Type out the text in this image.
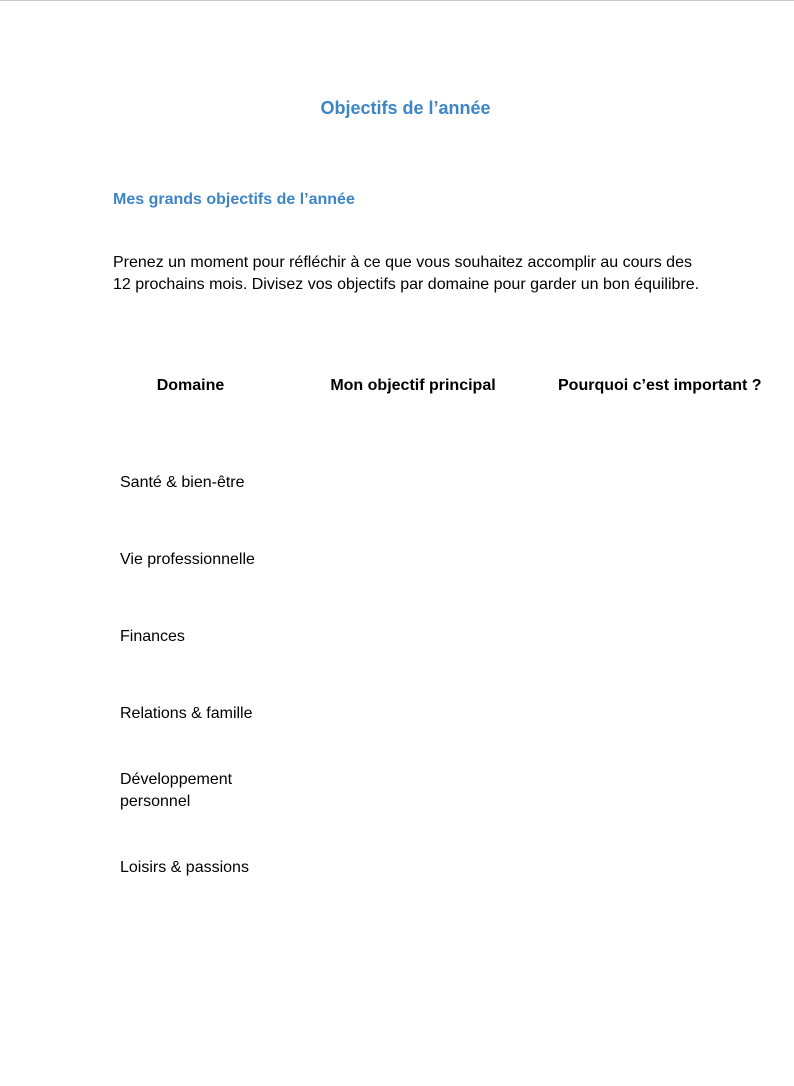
Objectifs de l’année
Mes grands objectifs de l’année

Prenez un moment pour réfléchir à ce que vous souhaitez accomplir au cours des 12 prochains mois. Divisez vos objectifs par domaine pour garder un bon équilibre.

Domaine	Mon objectif principal	Pourquoi c’est important ?

Santé & bien-être		
Vie professionnelle		
Finances		
Relations & famille		
Développement personnel		
Loisirs & passions		
